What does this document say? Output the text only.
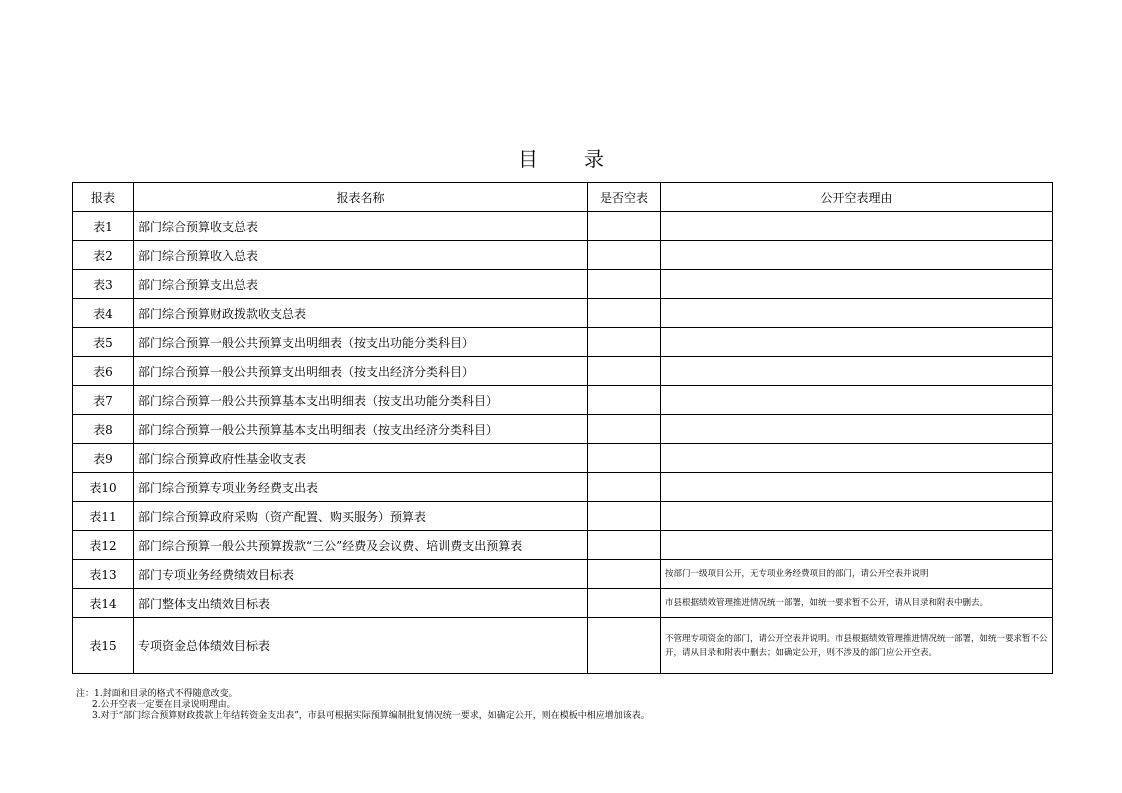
目 录
报表	报表名称	是否空表	公开空表理由
表1	部门综合预算收支总表		
表2	部门综合预算收入总表		
表3	部门综合预算支出总表		
表4	部门综合预算财政拨款收支总表		
表5	部门综合预算一般公共预算支出明细表（按支出功能分类科目）		
表6	部门综合预算一般公共预算支出明细表（按支出经济分类科目）		
表7	部门综合预算一般公共预算基本支出明细表（按支出功能分类科目）		
表8	部门综合预算一般公共预算基本支出明细表（按支出经济分类科目）		
表9	部门综合预算政府性基金收支表		
表10	部门综合预算专项业务经费支出表		
表11	部门综合预算政府采购（资产配置、购买服务）预算表		
表12	部门综合预算一般公共预算拨款“三公”经费及会议费、培训费支出预算表		
表13	部门专项业务经费绩效目标表		按部门一级项目公开，无专项业务经费项目的部门，请公开空表并说明
表14	部门整体支出绩效目标表		市县根据绩效管理推进情况统一部署，如统一要求暂不公开，请从目录和附表中删去。
表15	专项资金总体绩效目标表		不管理专项资金的部门，请公开空表并说明。市县根据绩效管理推进情况统一部署，如统一要求暂不公开，请从目录和附表中删去；如确定公开，则不涉及的部门应公开空表。
注：1.封面和目录的格式不得随意改变。
2.公开空表一定要在目录说明理由。
3.对于“部门综合预算财政拨款上年结转资金支出表”，市县可根据实际预算编制批复情况统一要求，如确定公开，则在模板中相应增加该表。
